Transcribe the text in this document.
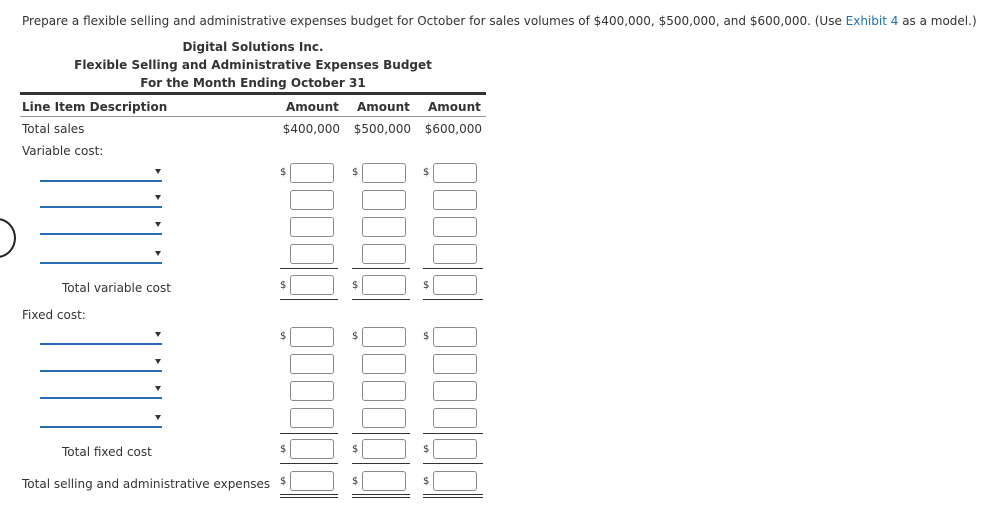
Prepare a flexible selling and administrative expenses budget for October for sales volumes of $400,000, $500,000, and $600,000. (Use Exhibit 4 as a model.)
Digital Solutions Inc.
Flexible Selling and Administrative Expenses Budget
For the Month Ending October 31
Line Item Description	Amount Amount Amount
Total sales	$400,000	$500,000	$600,000
Variable cost:
$	$	$
Total variable cost	$	$	$
Fixed cost:
$	$	$
Total fixed cost	$	$	$
Total selling and administrative expenses $	$	$
